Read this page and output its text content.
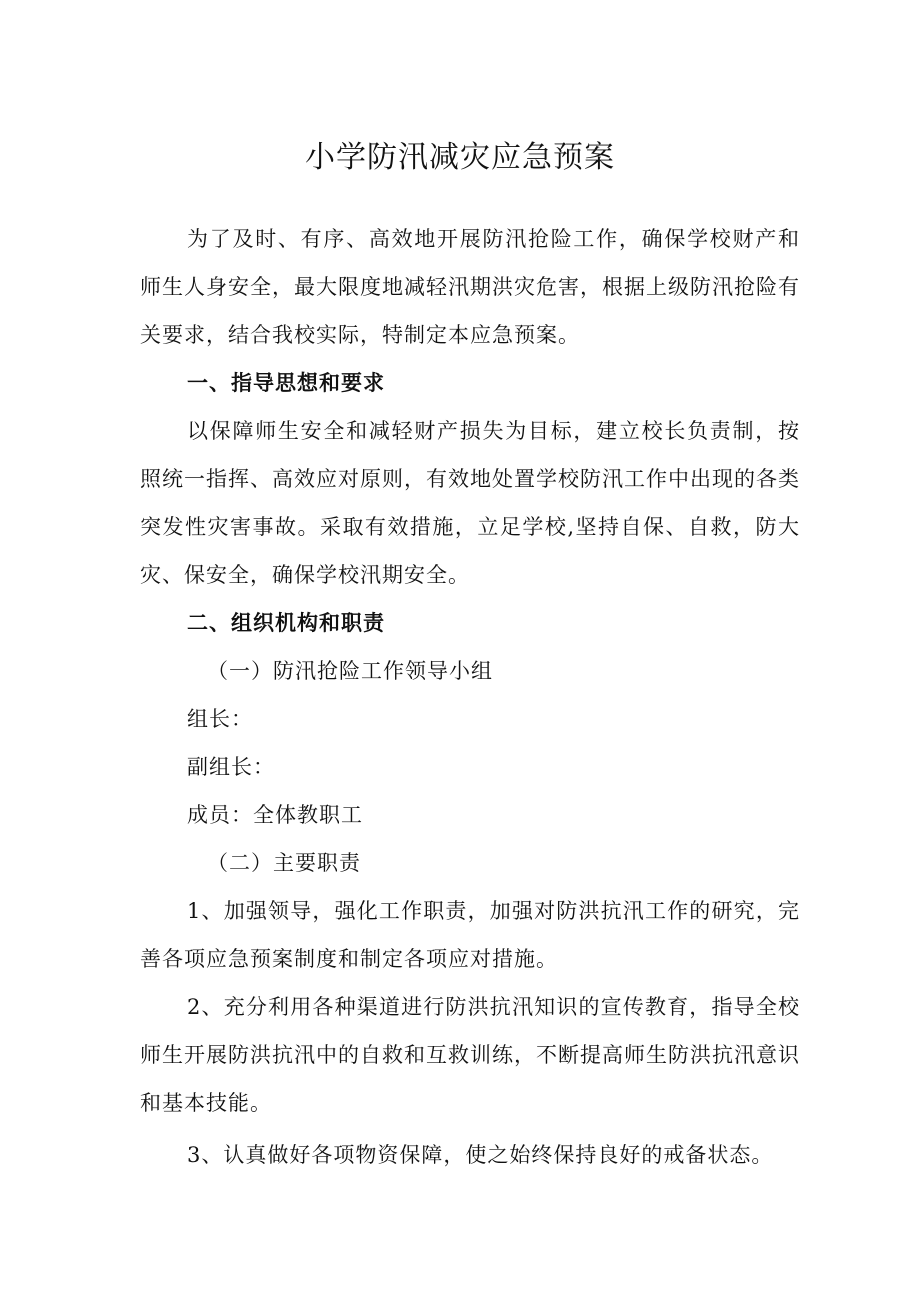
小学防汛减灾应急预案

为了及时、有序、高效地开展防汛抢险工作，确保学校财产和师生人身安全，最大限度地减轻汛期洪灾危害，根据上级防汛抢险有关要求，结合我校实际，特制定本应急预案。

一、指导思想和要求

以保障师生安全和减轻财产损失为目标，建立校长负责制，按照统一指挥、高效应对原则，有效地处置学校防汛工作中出现的各类突发性灾害事故。采取有效措施，立足学校,坚持自保、自救，防大灾、保安全，确保学校汛期安全。

二、组织机构和职责

（一）防汛抢险工作领导小组

组长：

副组长：

成员：全体教职工

（二）主要职责

1、加强领导，强化工作职责，加强对防洪抗汛工作的研究，完善各项应急预案制度和制定各项应对措施。

2、充分利用各种渠道进行防洪抗汛知识的宣传教育，指导全校师生开展防洪抗汛中的自救和互救训练，不断提高师生防洪抗汛意识和基本技能。

3、认真做好各项物资保障，使之始终保持良好的戒备状态。
